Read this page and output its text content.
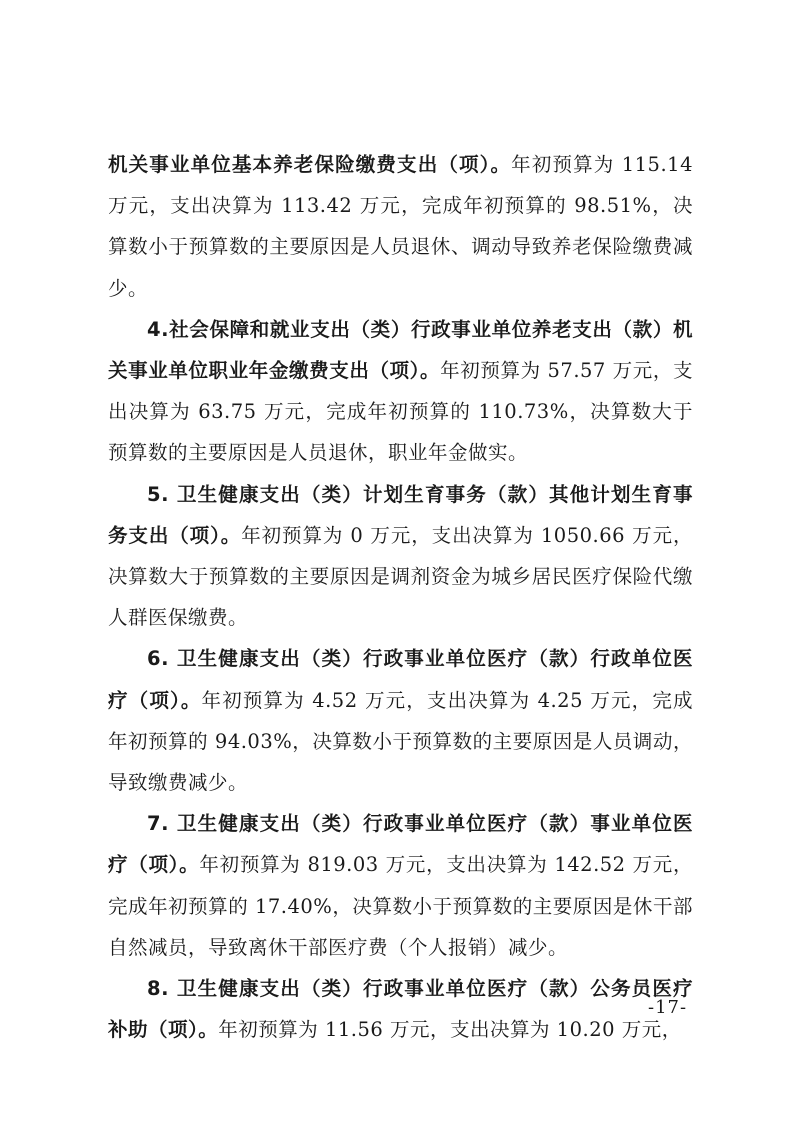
机关事业单位基本养老保险缴费支出（项）。年初预算为 115.14 万元，支出决算为 113.42 万元，完成年初预算的 98.51%，决算数小于预算数的主要原因是人员退休、调动导致养老保险缴费减少。

4.社会保障和就业支出（类）行政事业单位养老支出（款）机关事业单位职业年金缴费支出（项）。年初预算为 57.57 万元，支出决算为 63.75 万元，完成年初预算的 110.73%，决算数大于预算数的主要原因是人员退休，职业年金做实。

5. 卫生健康支出（类）计划生育事务（款）其他计划生育事务支出（项）。年初预算为 0 万元，支出决算为 1050.66 万元，决算数大于预算数的主要原因是调剂资金为城乡居民医疗保险代缴人群医保缴费。

6. 卫生健康支出（类）行政事业单位医疗（款）行政单位医疗（项）。年初预算为 4.52 万元，支出决算为 4.25 万元，完成年初预算的 94.03%，决算数小于预算数的主要原因是人员调动，导致缴费减少。

7. 卫生健康支出（类）行政事业单位医疗（款）事业单位医疗（项）。年初预算为 819.03 万元，支出决算为 142.52 万元，完成年初预算的 17.40%，决算数小于预算数的主要原因是休干部自然减员，导致离休干部医疗费（个人报销）减少。

8. 卫生健康支出（类）行政事业单位医疗（款）公务员医疗补助（项）。年初预算为 11.56 万元，支出决算为 10.20 万元，

-17-
